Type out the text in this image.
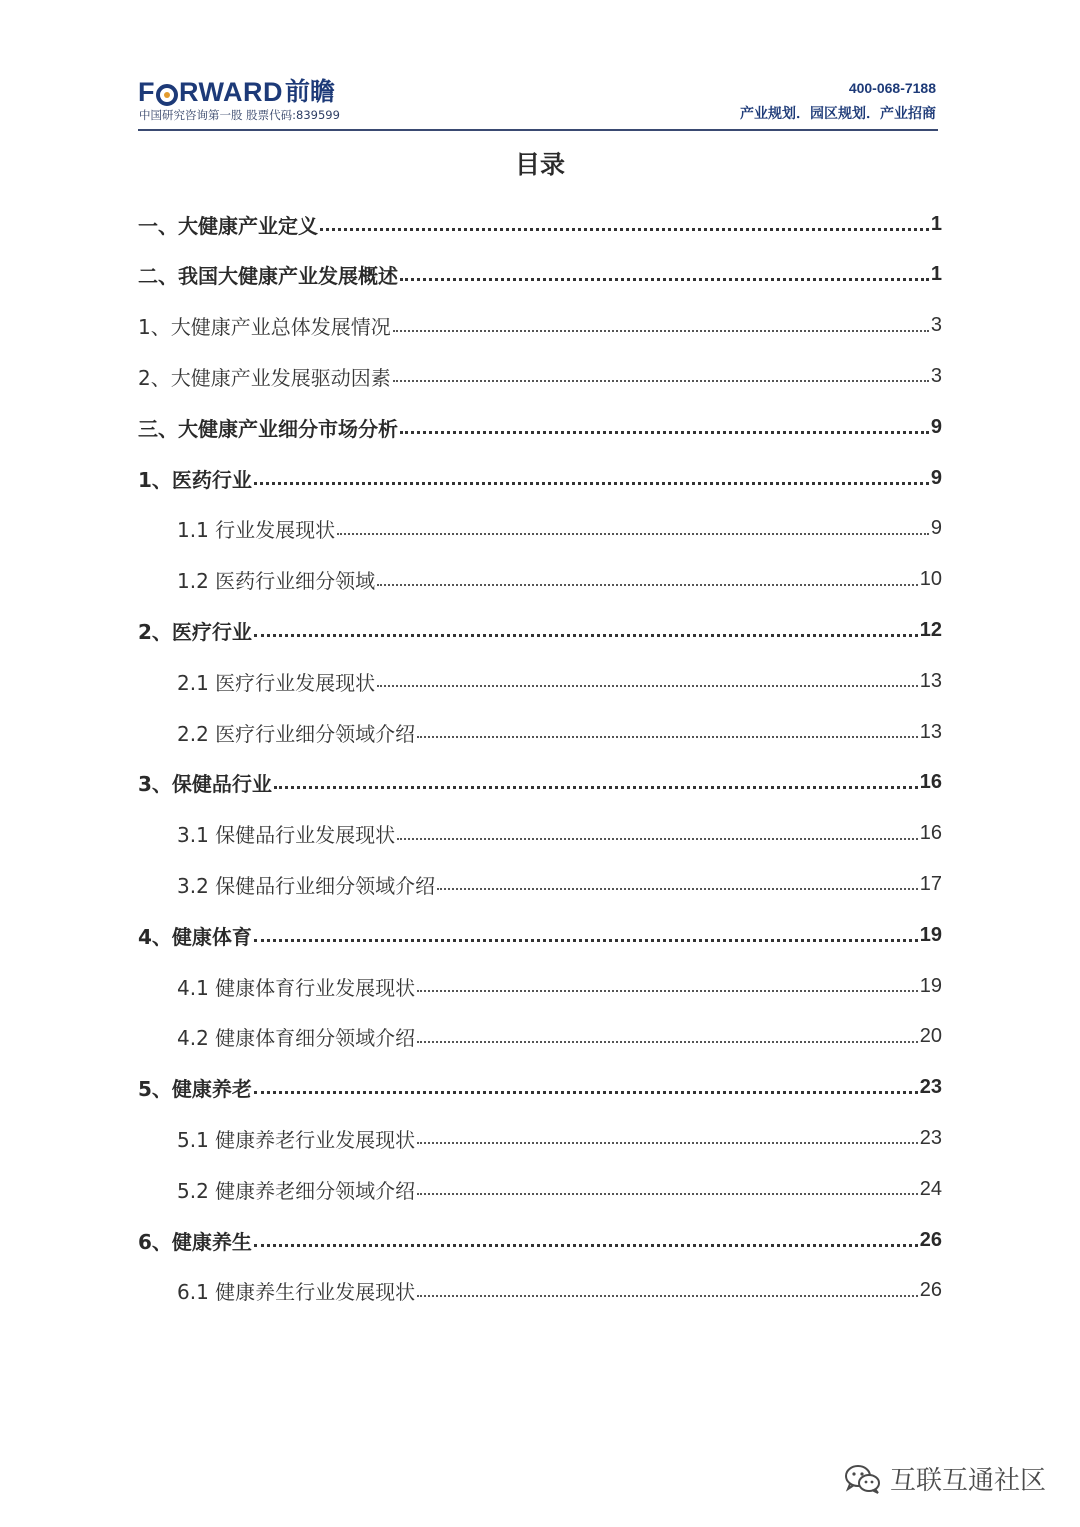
F RWARD 前瞻
中国研究咨询第一股 股票代码:839599
400-068-7188
产业规划．园区规划．产业招商
目录
一、大健康产业定义	1
二、我国大健康产业发展概述	1
1、大健康产业总体发展情况	3
2、大健康产业发展驱动因素	3
三、大健康产业细分市场分析	9
1、医药行业	9
1.1 行业发展现状	9
1.2 医药行业细分领域	10
2、医疗行业	12
2.1 医疗行业发展现状	13
2.2 医疗行业细分领域介绍	13
3、保健品行业	16
3.1 保健品行业发展现状	16
3.2 保健品行业细分领域介绍	17
4、健康体育	19
4.1 健康体育行业发展现状	19
4.2 健康体育细分领域介绍	20
5、健康养老	23
5.1 健康养老行业发展现状	23
5.2 健康养老细分领域介绍	24
6、健康养生	26
6.1 健康养生行业发展现状	26
互联互通社区
